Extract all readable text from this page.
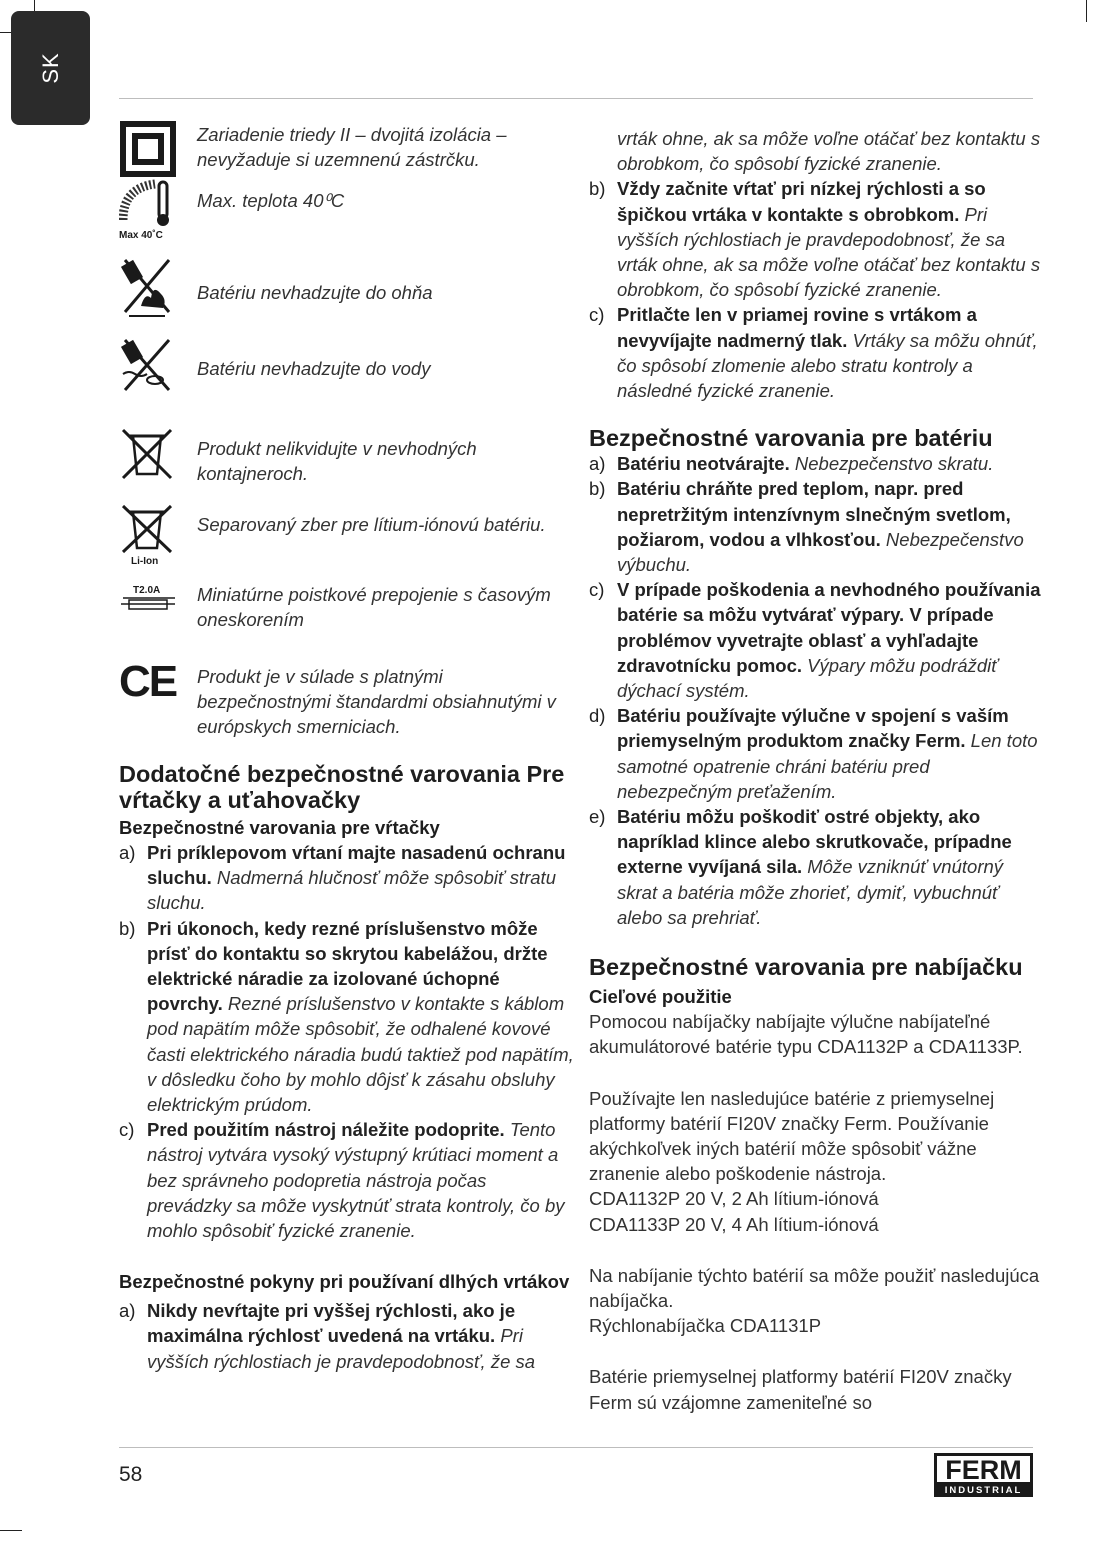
SK
Zariadenie triedy II – dvojitá izolácia – nevyžaduje si uzemnenú zástrčku.
Max 40˚C
Max. teplota 40⁰C
Batériu nevhadzujte do ohňa
Batériu nevhadzujte do vody
Produkt nelikvidujte v nevhodných kontajneroch.
Li-Ion
Separovaný zber pre lítium-iónovú batériu.
T2.0A Miniatúrne poistkové prepojenie s časovým oneskorením
CE Produkt je v súlade s platnými bezpečnostnými štandardmi obsiahnutými v európskych smerniciach.
Dodatočné bezpečnostné varovania Pre vŕtačky a uťahovačky
Bezpečnostné varovania pre vŕtačky
a) Pri príklepovom vŕtaní majte nasadenú ochranu sluchu. Nadmerná hlučnosť môže spôsobiť stratu sluchu.
b) Pri úkonoch, kedy rezné príslušenstvo môže prísť do kontaktu so skrytou kabelážou, držte elektrické náradie za izolované úchopné povrchy. Rezné príslušenstvo v kontakte s káblom pod napätím môže spôsobiť, že odhalené kovové časti elektrického náradia budú taktiež pod napätím, v dôsledku čoho by mohlo dôjsť k zásahu obsluhy elektrickým prúdom.
c) Pred použitím nástroj náležite podoprite. Tento nástroj vytvára vysoký výstupný krútiaci moment a bez správneho podopretia nástroja počas prevádzky sa môže vyskytnúť strata kontroly, čo by mohlo spôsobiť fyzické zranenie.
Bezpečnostné pokyny pri používaní dlhých vrtákov
a) Nikdy nevŕtajte pri vyššej rýchlosti, ako je maximálna rýchlosť uvedená na vrtáku. Pri vyšších rýchlostiach je pravdepodobnosť, že sa
vrták ohne, ak sa môže voľne otáčať bez kontaktu s obrobkom, čo spôsobí fyzické zranenie.
b) Vždy začnite vŕtať pri nízkej rýchlosti a so špičkou vrtáka v kontakte s obrobkom. Pri vyšších rýchlostiach je pravdepodobnosť, že sa vrták ohne, ak sa môže voľne otáčať bez kontaktu s obrobkom, čo spôsobí fyzické zranenie.
c) Pritlačte len v priamej rovine s vrtákom a nevyvíjajte nadmerný tlak. Vrtáky sa môžu ohnúť, čo spôsobí zlomenie alebo stratu kontroly a následné fyzické zranenie.
Bezpečnostné varovania pre batériu
a) Batériu neotvárajte. Nebezpečenstvo skratu.
b) Batériu chráňte pred teplom, napr. pred nepretržitým intenzívnym slnečným svetlom, požiarom, vodou a vlhkosťou. Nebezpečenstvo výbuchu.
c) V prípade poškodenia a nevhodného používania batérie sa môžu vytvárať výpary. V prípade problémov vyvetrajte oblasť a vyhľadajte zdravotnícku pomoc. Výpary môžu podráždiť dýchací systém.
d) Batériu používajte výlučne v spojení s vaším priemyselným produktom značky Ferm. Len toto samotné opatrenie chráni batériu pred nebezpečným preťažením.
e) Batériu môžu poškodiť ostré objekty, ako napríklad klince alebo skrutkovače, prípadne externe vyvíjaná sila. Môže vzniknúť vnútorný skrat a batéria môže zhorieť, dymiť, vybuchnúť alebo sa prehriať.
Bezpečnostné varovania pre nabíjačku
Cieľové použitie
Pomocou nabíjačky nabíjajte výlučne nabíjateľné akumulátorové batérie typu CDA1132P a CDA1133P.
Používajte len nasledujúce batérie z priemyselnej platformy batérií FI20V značky Ferm. Používanie akýchkoľvek iných batérií môže spôsobiť vážne zranenie alebo poškodenie nástroja.
CDA1132P 20 V, 2 Ah lítium-iónová
CDA1133P 20 V, 4 Ah lítium-iónová
Na nabíjanie týchto batérií sa môže použiť nasledujúca nabíjačka.
Rýchlonabíjačka CDA1131P
Batérie priemyselnej platformy batérií FI20V značky Ferm sú vzájomne zameniteľné so
58	FERM
INDUSTRIAL
